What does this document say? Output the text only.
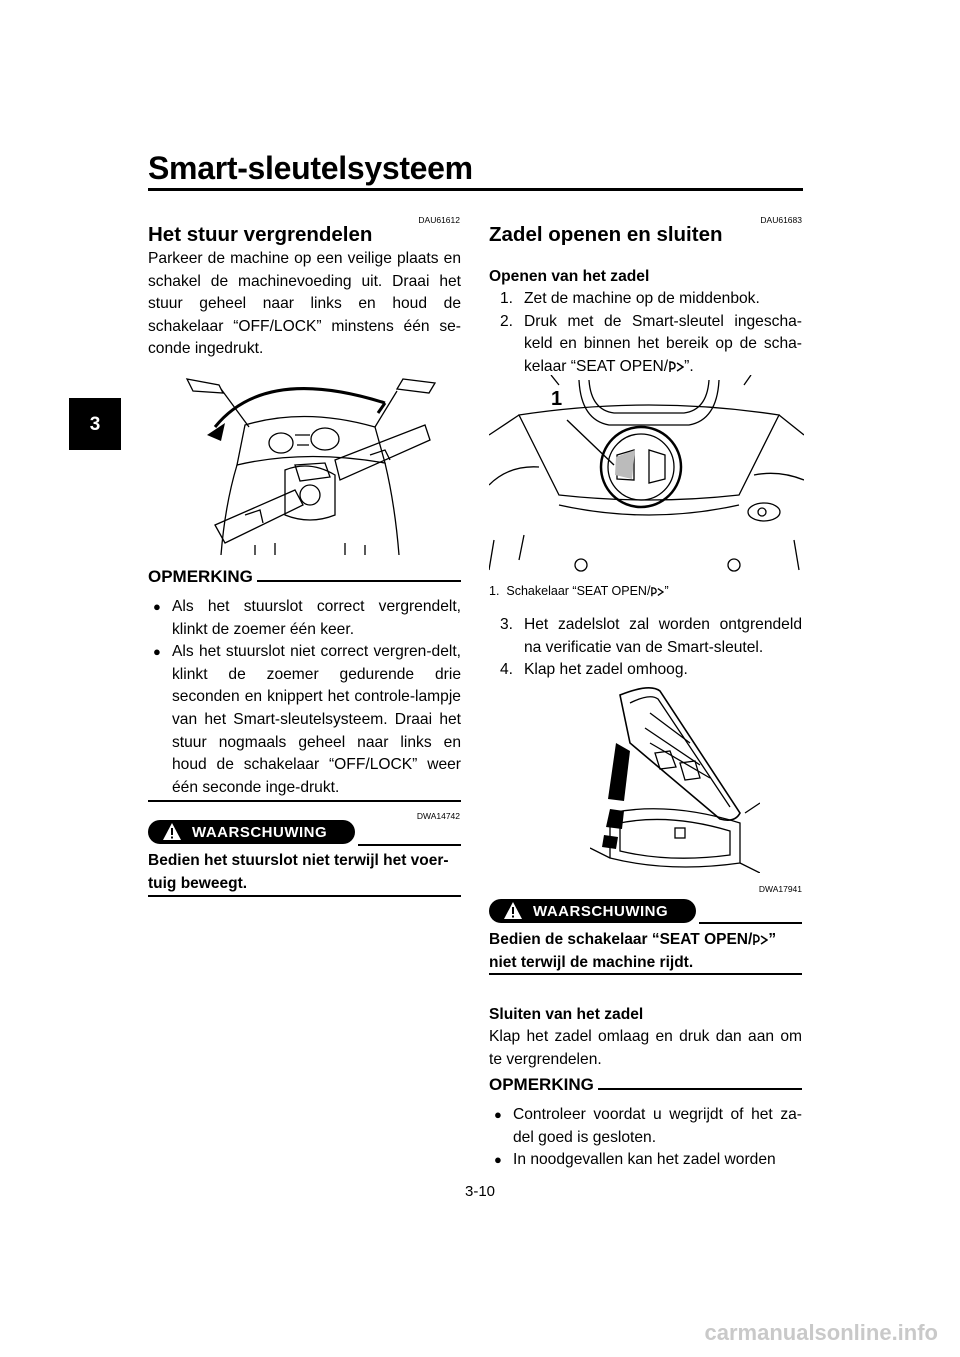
Smart-sleutelsysteem
3
DAU61612
Het stuur vergrendelen
Parkeer de machine op een veilige plaats en schakel de machinevoeding uit. Draai het stuur geheel naar links en houd de schakelaar “OFF/LOCK” minstens één se-conde ingedrukt.
OPMERKING
● Als het stuurslot correct vergrendelt, klinkt de zoemer één keer.
● Als het stuurslot niet correct vergren-delt, klinkt de zoemer gedurende drie seconden en knippert het controle-lampje van het Smart-sleutelsysteem. Draai het stuur nogmaals geheel naar links en houd de schakelaar “OFF/LOCK” weer één seconde inge-drukt.
DWA14742
WAARSCHUWING
Bedien het stuurslot niet terwijl het voer-tuig beweegt.
DAU61683
Zadel openen en sluiten
Openen van het zadel
1. Zet de machine op de middenbok.
2. Druk met de Smart-sleutel ingescha-keld en binnen het bereik op de scha-kelaar “SEAT OPEN/ ”.
1
1. Schakelaar “SEAT OPEN/ ”
3. Het zadelslot zal worden ontgrendeld na verificatie van de Smart-sleutel.
4. Klap het zadel omhoog.
DWA17941
WAARSCHUWING
Bedien de schakelaar “SEAT OPEN/ ” niet terwijl de machine rijdt.
Sluiten van het zadel
Klap het zadel omlaag en druk dan aan om te vergrendelen.
OPMERKING
● Controleer voordat u wegrijdt of het za-del goed is gesloten.
● In noodgevallen kan het zadel worden
3-10
carmanualsonline.info
